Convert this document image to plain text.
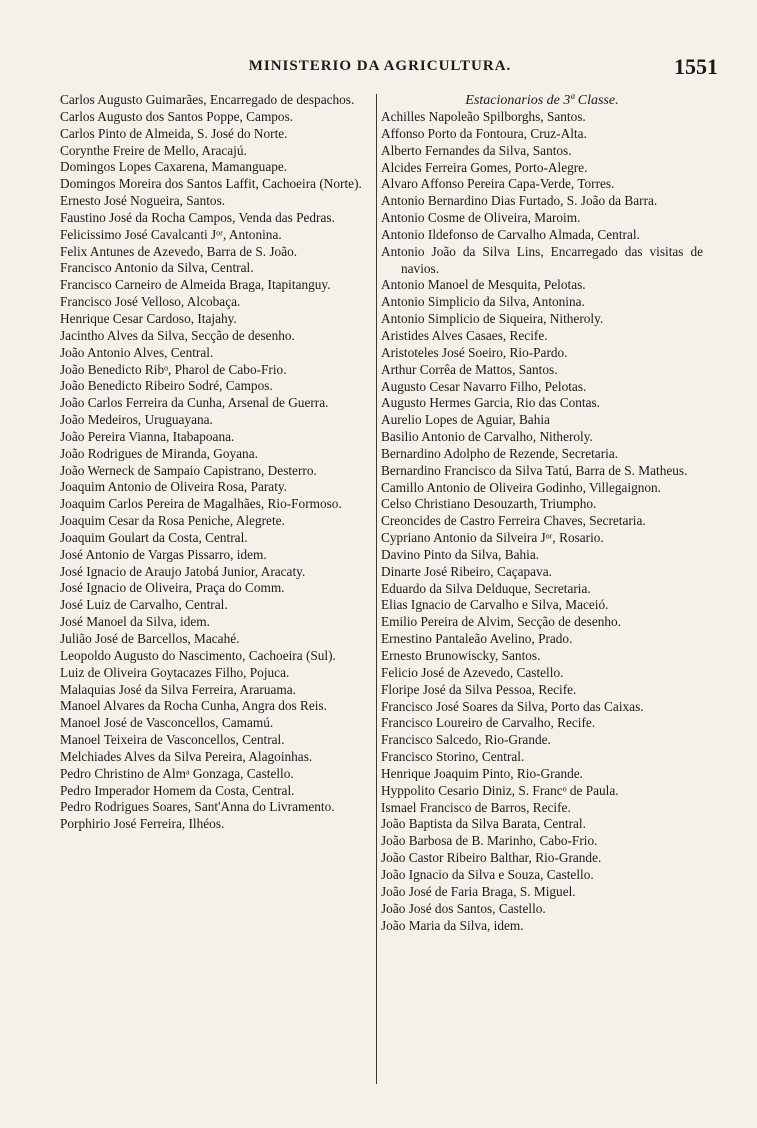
MINISTERIO DA AGRICULTURA.	1551
Carlos Augusto Guimarães, Encarregado de despachos.
Carlos Augusto dos Santos Poppe, Campos.
Carlos Pinto de Almeida, S. José do Norte.
Corynthe Freire de Mello, Aracajú.
Domingos Lopes Caxarena, Mamanguape.
Domingos Moreira dos Santos Laffit, Cachoeira (Norte).
Ernesto José Nogueira, Santos.
Faustino José da Rocha Campos, Venda das Pedras.
Felicissimo José Cavalcanti Jᵒʳ, Antonina.
Felix Antunes de Azevedo, Barra de S. João.
Francisco Antonio da Silva, Central.
Francisco Carneiro de Almeida Braga, Itapitanguy.
Francisco José Velloso, Alcobaça.
Henrique Cesar Cardoso, Itajahy.
Jacintho Alves da Silva, Secção de desenho.
João Antonio Alves, Central.
João Benedicto Ribᵒ, Pharol de Cabo-Frio.
João Benedicto Ribeiro Sodré, Campos.
João Carlos Ferreira da Cunha, Arsenal de Guerra.
João Medeiros, Uruguayana.
João Pereira Vianna, Itabapoana.
João Rodrigues de Miranda, Goyana.
João Werneck de Sampaio Capistrano, Desterro.
Joaquim Antonio de Oliveira Rosa, Paraty.
Joaquim Carlos Pereira de Magalhães, Rio-Formoso.
Joaquim Cesar da Rosa Peniche, Alegrete.
Joaquim Goulart da Costa, Central.
José Antonio de Vargas Pissarro, idem.
José Ignacio de Araujo Jatobá Junior, Aracaty.
José Ignacio de Oliveira, Praça do Comm.
José Luiz de Carvalho, Central.
José Manoel da Silva, idem.
Julião José de Barcellos, Macahé.
Leopoldo Augusto do Nascimento, Cachoeira (Sul).
Luiz de Oliveira Goytacazes Filho, Pojuca.
Malaquias José da Silva Ferreira, Araruama.
Manoel Alvares da Rocha Cunha, Angra dos Reis.
Manoel José de Vasconcellos, Camamú.
Manoel Teixeira de Vasconcellos, Central.
Melchiades Alves da Silva Pereira, Alagoinhas.
Pedro Christino de Almᵃ Gonzaga, Castello.
Pedro Imperador Homem da Costa, Central.
Pedro Rodrigues Soares, Sant'Anna do Livramento.
Porphirio José Ferreira, Ilhéos.
Estacionarios de 3ª Classe.
Achilles Napoleão Spilborghs, Santos.
Affonso Porto da Fontoura, Cruz-Alta.
Alberto Fernandes da Silva, Santos.
Alcides Ferreira Gomes, Porto-Alegre.
Alvaro Affonso Pereira Capa-Verde, Torres.
Antonio Bernardino Dias Furtado, S. João da Barra.
Antonio Cosme de Oliveira, Maroim.
Antonio Ildefonso de Carvalho Almada, Central.
Antonio João da Silva Lins, Encarregado das visitas de navios.
Antonio Manoel de Mesquita, Pelotas.
Antonio Simplicio da Silva, Antonina.
Antonio Simplicio de Siqueira, Nitheroly.
Aristides Alves Casaes, Recife.
Aristoteles José Soeiro, Rio-Pardo.
Arthur Corrêa de Mattos, Santos.
Augusto Cesar Navarro Filho, Pelotas.
Augusto Hermes Garcia, Rio das Contas.
Aurelio Lopes de Aguiar, Bahia
Basilio Antonio de Carvalho, Nitheroly.
Bernardino Adolpho de Rezende, Secretaria.
Bernardino Francisco da Silva Tatú, Barra de S. Matheus.
Camillo Antonio de Oliveira Godinho, Villegaignon.
Celso Christiano Desouzarth, Triumpho.
Creoncides de Castro Ferreira Chaves, Secretaria.
Cypriano Antonio da Silveira Jᵒʳ, Rosario.
Davino Pinto da Silva, Bahia.
Dinarte José Ribeiro, Caçapava.
Eduardo da Silva Delduque, Secretaria.
Elias Ignacio de Carvalho e Silva, Maceió.
Emilio Pereira de Alvim, Secção de desenho.
Ernestino Pantaleão Avelino, Prado.
Ernesto Brunowiscky, Santos.
Felicio José de Azevedo, Castello.
Floripe José da Silva Pessoa, Recife.
Francisco José Soares da Silva, Porto das Caixas.
Francisco Loureiro de Carvalho, Recife.
Francisco Salcedo, Rio-Grande.
Francisco Storino, Central.
Henrique Joaquim Pinto, Rio-Grande.
Hyppolito Cesario Diniz, S. Francᵒ de Paula.
Ismael Francisco de Barros, Recife.
João Baptista da Silva Barata, Central.
João Barbosa de B. Marinho, Cabo-Frio.
João Castor Ribeiro Balthar, Rio-Grande.
João Ignacio da Silva e Souza, Castello.
João José de Faria Braga, S. Miguel.
João José dos Santos, Castello.
João Maria da Silva, idem.
